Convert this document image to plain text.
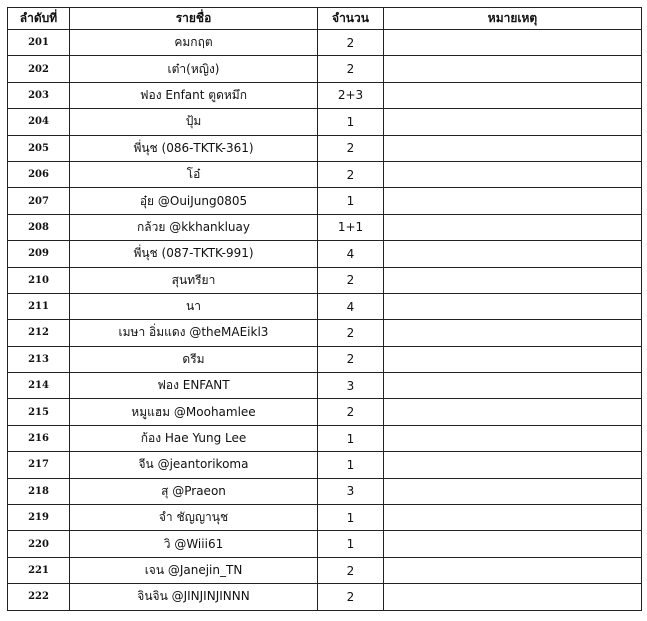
ลำดับที่	รายชื่อ	จำนวน	หมายเหตุ
201	คมกฤต	2	
202	เต๋า(หญิง)	2	
203	ฟอง Enfant ตูดหมึก	2+3	
204	ปุ้ม	1	
205	พี่นุช (086-TKTK-361)	2	
206	โอ๋	2	
207	อุ๋ย @OuiJung0805	1	
208	กล้วย @kkhankluay	1+1	
209	พี่นุช (087-TKTK-991)	4	
210	สุนทรียา	2	
211	นา	4	
212	เมษา อิ่มแดง @theMAEikl3	2	
213	ดรีม	2	
214	ฟอง ENFANT	3	
215	หมูแฮม @Moohamlee	2	
216	ก้อง Hae Yung Lee	1	
217	จีน @jeantorikoma	1	
218	สุ @Praeon	3	
219	จำ ชัญญานุช	1	
220	วิ @Wiii61	1	
221	เจน @Janejin_TN	2	
222	จินจิน @JINJINJINNN	2	
